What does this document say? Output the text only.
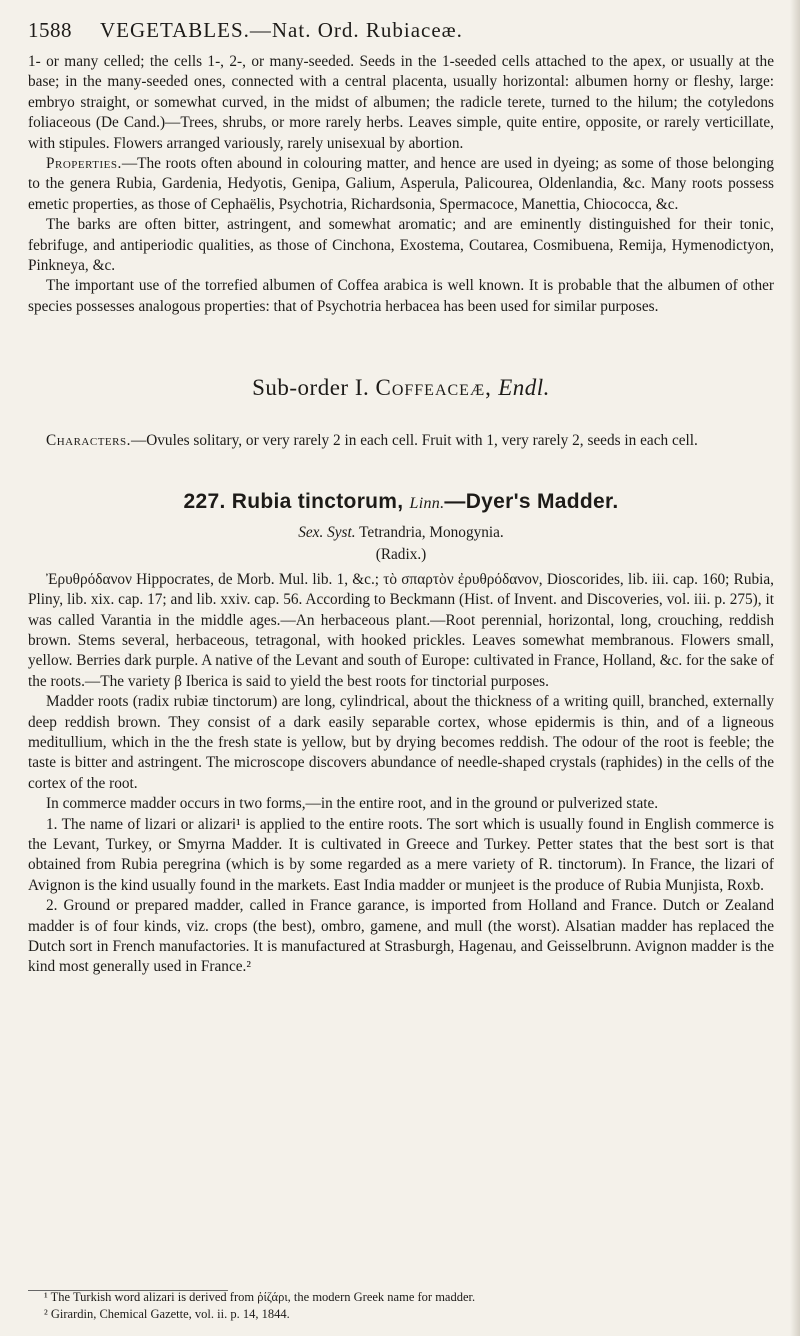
1588	VEGETABLES.—Nat. Ord. Rubiaceæ.

1- or many celled; the cells 1-, 2-, or many-seeded. Seeds in the 1-seeded cells attached to the apex, or usually at the base; in the many-seeded ones, connected with a central placenta, usually horizontal: albumen horny or fleshy, large: embryo straight, or somewhat curved, in the midst of albumen; the radicle terete, turned to the hilum; the cotyledons foliaceous (De Cand.)—Trees, shrubs, or more rarely herbs. Leaves simple, quite entire, opposite, or rarely verticillate, with stipules. Flowers arranged variously, rarely unisexual by abortion.

Properties.—The roots often abound in colouring matter, and hence are used in dyeing; as some of those belonging to the genera Rubia, Gardenia, Hedyotis, Genipa, Galium, Asperula, Palicourea, Oldenlandia, &c. Many roots possess emetic properties, as those of Cephaëlis, Psychotria, Richardsonia, Spermacoce, Manettia, Chiococca, &c.

The barks are often bitter, astringent, and somewhat aromatic; and are eminently distinguished for their tonic, febrifuge, and antiperiodic qualities, as those of Cinchona, Exostema, Coutarea, Cosmibuena, Remija, Hymenodictyon, Pinkneya, &c.

The important use of the torrefied albumen of Coffea arabica is well known. It is probable that the albumen of other species possesses analogous properties: that of Psychotria herbacea has been used for similar purposes.

Sub-order I. Coffeaceæ, Endl.

Characters.—Ovules solitary, or very rarely 2 in each cell. Fruit with 1, very rarely 2, seeds in each cell.

227. Rubia tinctorum, Linn.—Dyer's Madder.
Sex. Syst. Tetrandria, Monogynia.
(Radix.)

Ἐρυθρόδανον Hippocrates, de Morb. Mul. lib. 1, &c.; τὸ σπαρτὸν ἐρυθρόδανον, Dioscorides, lib. iii. cap. 160; Rubia, Pliny, lib. xix. cap. 17; and lib. xxiv. cap. 56. According to Beckmann (Hist. of Invent. and Discoveries, vol. iii. p. 275), it was called Varantia in the middle ages.—An herbaceous plant.—Root perennial, horizontal, long, crouching, reddish brown. Stems several, herbaceous, tetragonal, with hooked prickles. Leaves somewhat membranous. Flowers small, yellow. Berries dark purple. A native of the Levant and south of Europe: cultivated in France, Holland, &c. for the sake of the roots.—The variety β Iberica is said to yield the best roots for tinctorial purposes.

Madder roots (radix rubiæ tinctorum) are long, cylindrical, about the thickness of a writing quill, branched, externally deep reddish brown. They consist of a dark easily separable cortex, whose epidermis is thin, and of a ligneous meditullium, which in the the fresh state is yellow, but by drying becomes reddish. The odour of the root is feeble; the taste is bitter and astringent. The microscope discovers abundance of needle-shaped crystals (raphides) in the cells of the cortex of the root.

In commerce madder occurs in two forms,—in the entire root, and in the ground or pulverized state.

1. The name of lizari or alizari¹ is applied to the entire roots. The sort which is usually found in English commerce is the Levant, Turkey, or Smyrna Madder. It is cultivated in Greece and Turkey. Petter states that the best sort is that obtained from Rubia peregrina (which is by some regarded as a mere variety of R. tinctorum). In France, the lizari of Avignon is the kind usually found in the markets. East India madder or munjeet is the produce of Rubia Munjista, Roxb.

2. Ground or prepared madder, called in France garance, is imported from Holland and France. Dutch or Zealand madder is of four kinds, viz. crops (the best), ombro, gamene, and mull (the worst). Alsatian madder has replaced the Dutch sort in French manufactories. It is manufactured at Strasburgh, Hagenau, and Geisselbrunn. Avignon madder is the kind most generally used in France.²

¹ The Turkish word alizari is derived from ῥίζάρι, the modern Greek name for madder.

² Girardin, Chemical Gazette, vol. ii. p. 14, 1844.
